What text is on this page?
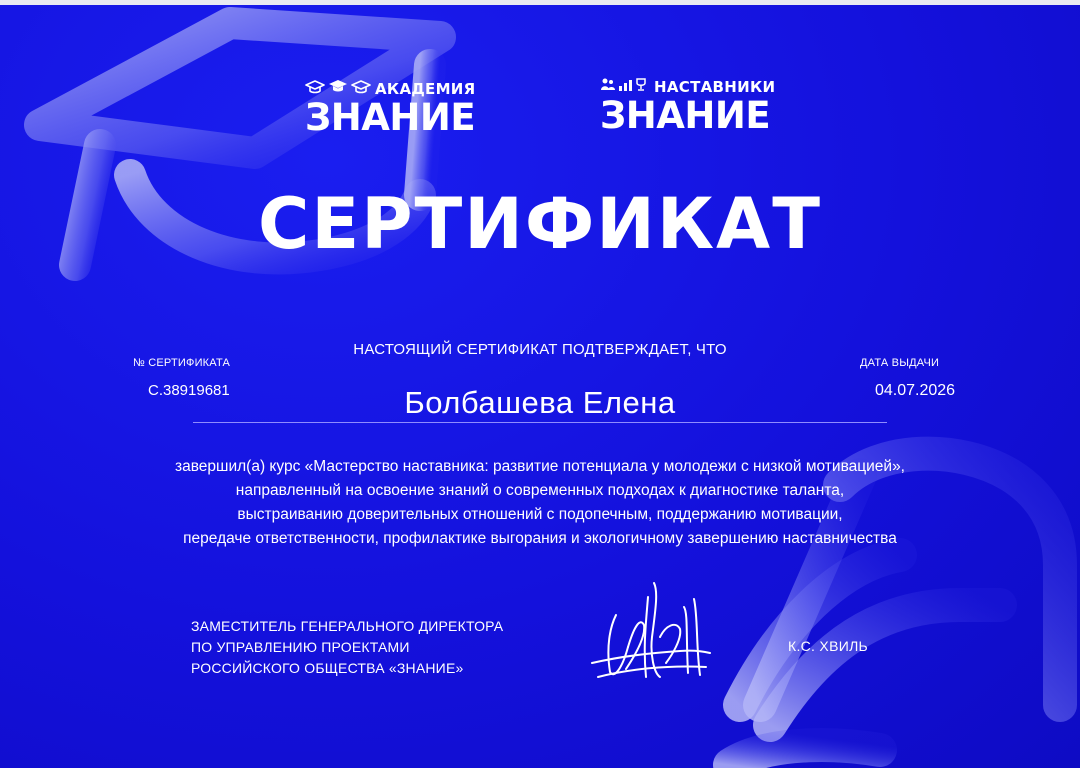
АКАДЕМИЯ
ЗНАНИЕ
НАСТАВНИКИ
ЗНАНИЕ
СЕРТИФИКАТ
НАСТОЯЩИЙ СЕРТИФИКАТ ПОДТВЕРЖДАЕТ, ЧТО
№ СЕРТИФИКАТА
C.38919681
ДАТА ВЫДАЧИ
04.07.2026
Болбашева Елена
завершил(а) курс «Мастерство наставника: развитие потенциала у молодежи с низкой мотивацией»,
направленный на освоение знаний о современных подходах к диагностике таланта,
выстраиванию доверительных отношений с подопечным, поддержанию мотивации,
передаче ответственности, профилактике выгорания и экологичному завершению наставничества
ЗАМЕСТИТЕЛЬ ГЕНЕРАЛЬНОГО ДИРЕКТОРА
ПО УПРАВЛЕНИЮ ПРОЕКТАМИ
РОССИЙСКОГО ОБЩЕСТВА «ЗНАНИЕ»
К.С. ХВИЛЬ
